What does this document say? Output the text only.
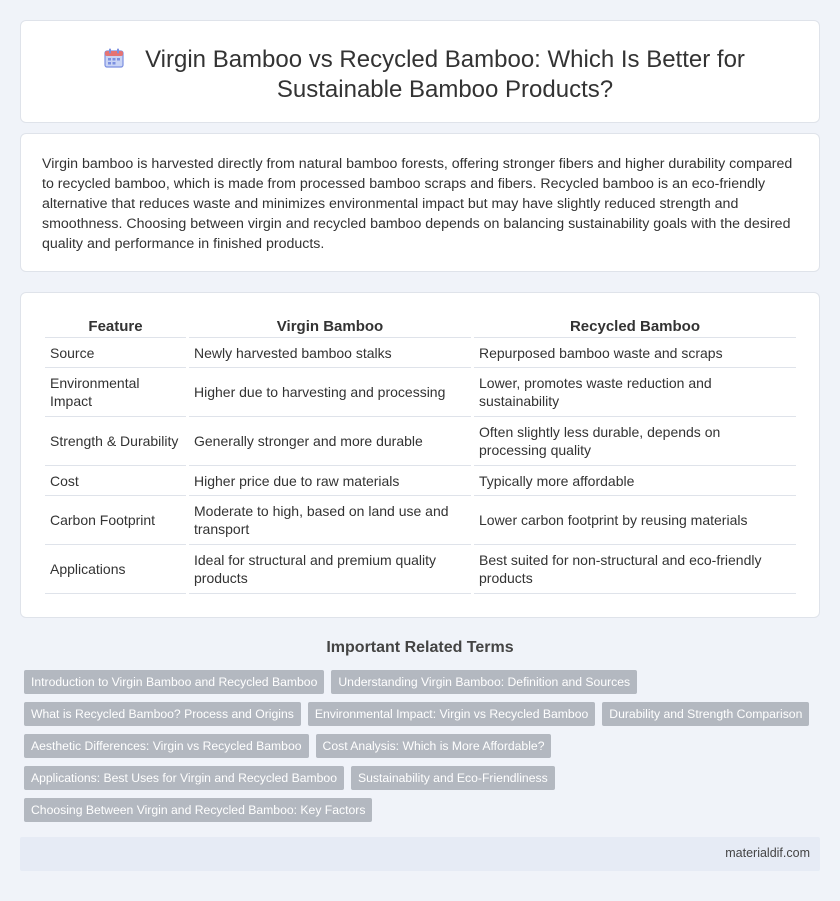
Virgin Bamboo vs Recycled Bamboo: Which Is Better for Sustainable Bamboo Products?

Virgin bamboo is harvested directly from natural bamboo forests, offering stronger fibers and higher durability compared to recycled bamboo, which is made from processed bamboo scraps and fibers. Recycled bamboo is an eco-friendly alternative that reduces waste and minimizes environmental impact but may have slightly reduced strength and smoothness. Choosing between virgin and recycled bamboo depends on balancing sustainability goals with the desired quality and performance in finished products.

Feature	Virgin Bamboo	Recycled Bamboo
Source	Newly harvested bamboo stalks	Repurposed bamboo waste and scraps
Environmental Impact	Higher due to harvesting and processing	Lower, promotes waste reduction and sustainability
Strength & Durability	Generally stronger and more durable	Often slightly less durable, depends on processing quality
Cost	Higher price due to raw materials	Typically more affordable
Carbon Footprint	Moderate to high, based on land use and transport	Lower carbon footprint by reusing materials
Applications	Ideal for structural and premium quality products	Best suited for non-structural and eco-friendly products
Important Related Terms
Introduction to Virgin Bamboo and Recycled Bamboo	Understanding Virgin Bamboo: Definition and Sources
What is Recycled Bamboo? Process and Origins	Environmental Impact: Virgin vs Recycled Bamboo	Durability and Strength Comparison
Aesthetic Differences: Virgin vs Recycled Bamboo	Cost Analysis: Which is More Affordable?
Applications: Best Uses for Virgin and Recycled Bamboo	Sustainability and Eco-Friendliness
Choosing Between Virgin and Recycled Bamboo: Key Factors
materialdif.com
